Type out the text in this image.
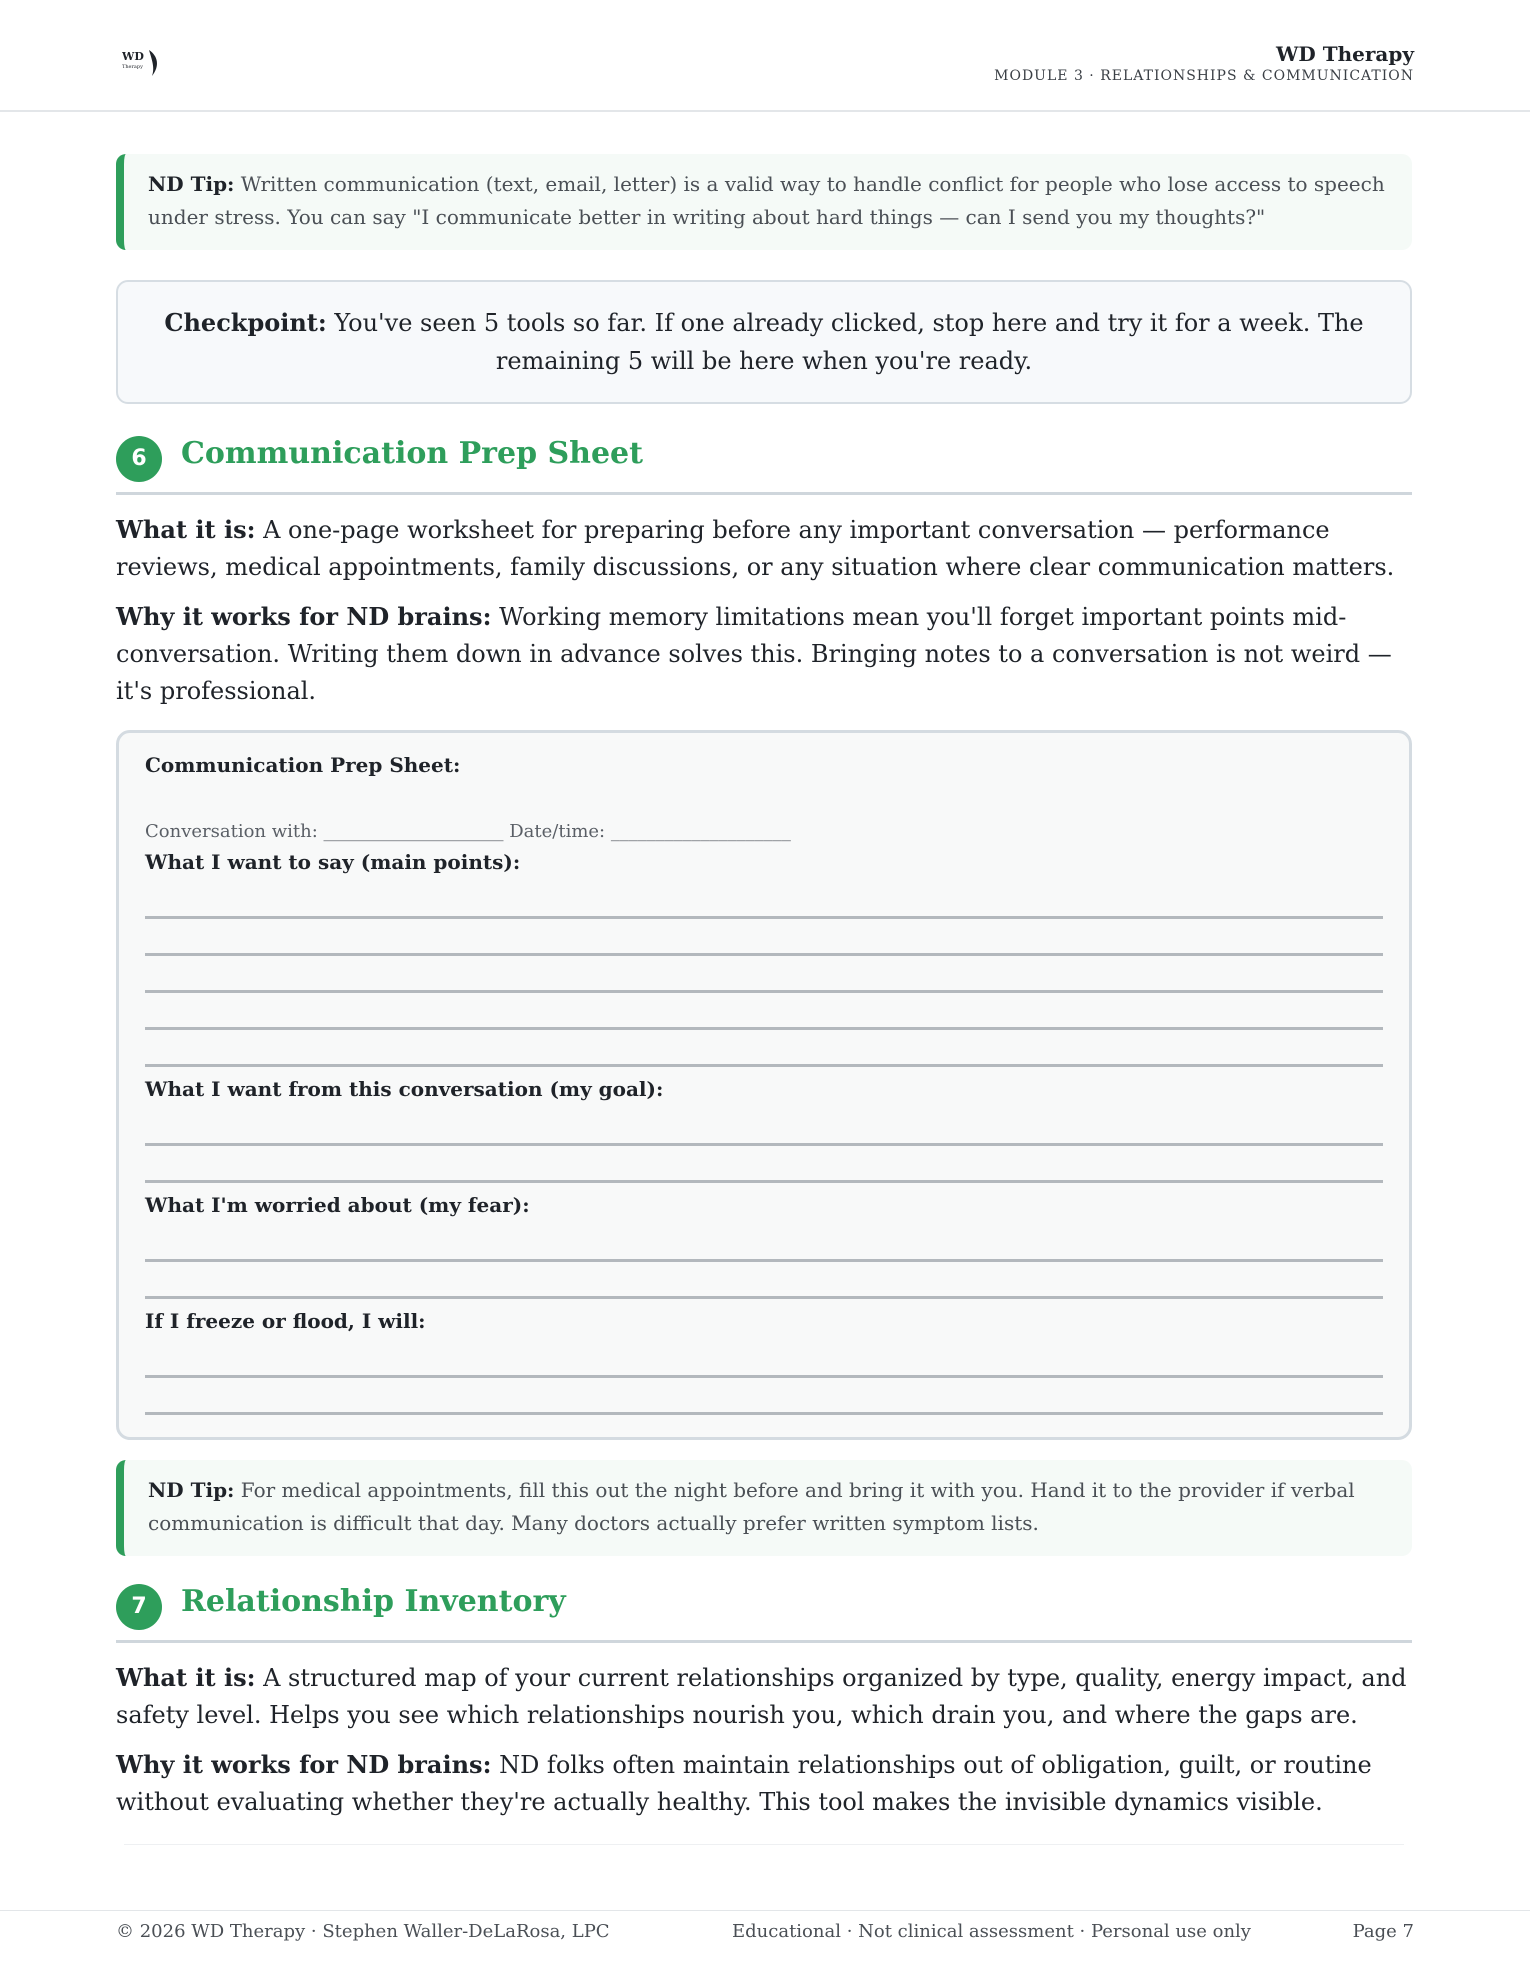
WD
Therapy
WD Therapy
MODULE 3 · RELATIONSHIPS & COMMUNICATION
ND Tip: Written communication (text, email, letter) is a valid way to handle conflict for people who lose access to speech under stress. You can say "I communicate better in writing about hard things — can I send you my thoughts?"
Checkpoint: You've seen 5 tools so far. If one already clicked, stop here and try it for a week. The remaining 5 will be here when you're ready.
6	Communication Prep Sheet
What it is: A one-page worksheet for preparing before any important conversation — performance reviews, medical appointments, family discussions, or any situation where clear communication matters.
Why it works for ND brains: Working memory limitations mean you'll forget important points mid-conversation. Writing them down in advance solves this. Bringing notes to a conversation is not weird — it's professional.
Communication Prep Sheet:
Conversation with: ____________________ Date/time: ____________________
What I want to say (main points):
What I want from this conversation (my goal):
What I'm worried about (my fear):
If I freeze or flood, I will:
ND Tip: For medical appointments, fill this out the night before and bring it with you. Hand it to the provider if verbal communication is difficult that day. Many doctors actually prefer written symptom lists.
7	Relationship Inventory
What it is: A structured map of your current relationships organized by type, quality, energy impact, and safety level. Helps you see which relationships nourish you, which drain you, and where the gaps are.
Why it works for ND brains: ND folks often maintain relationships out of obligation, guilt, or routine without evaluating whether they're actually healthy. This tool makes the invisible dynamics visible.
© 2026 WD Therapy · Stephen Waller-DeLaRosa, LPC	Educational · Not clinical assessment · Personal use only	Page 7
